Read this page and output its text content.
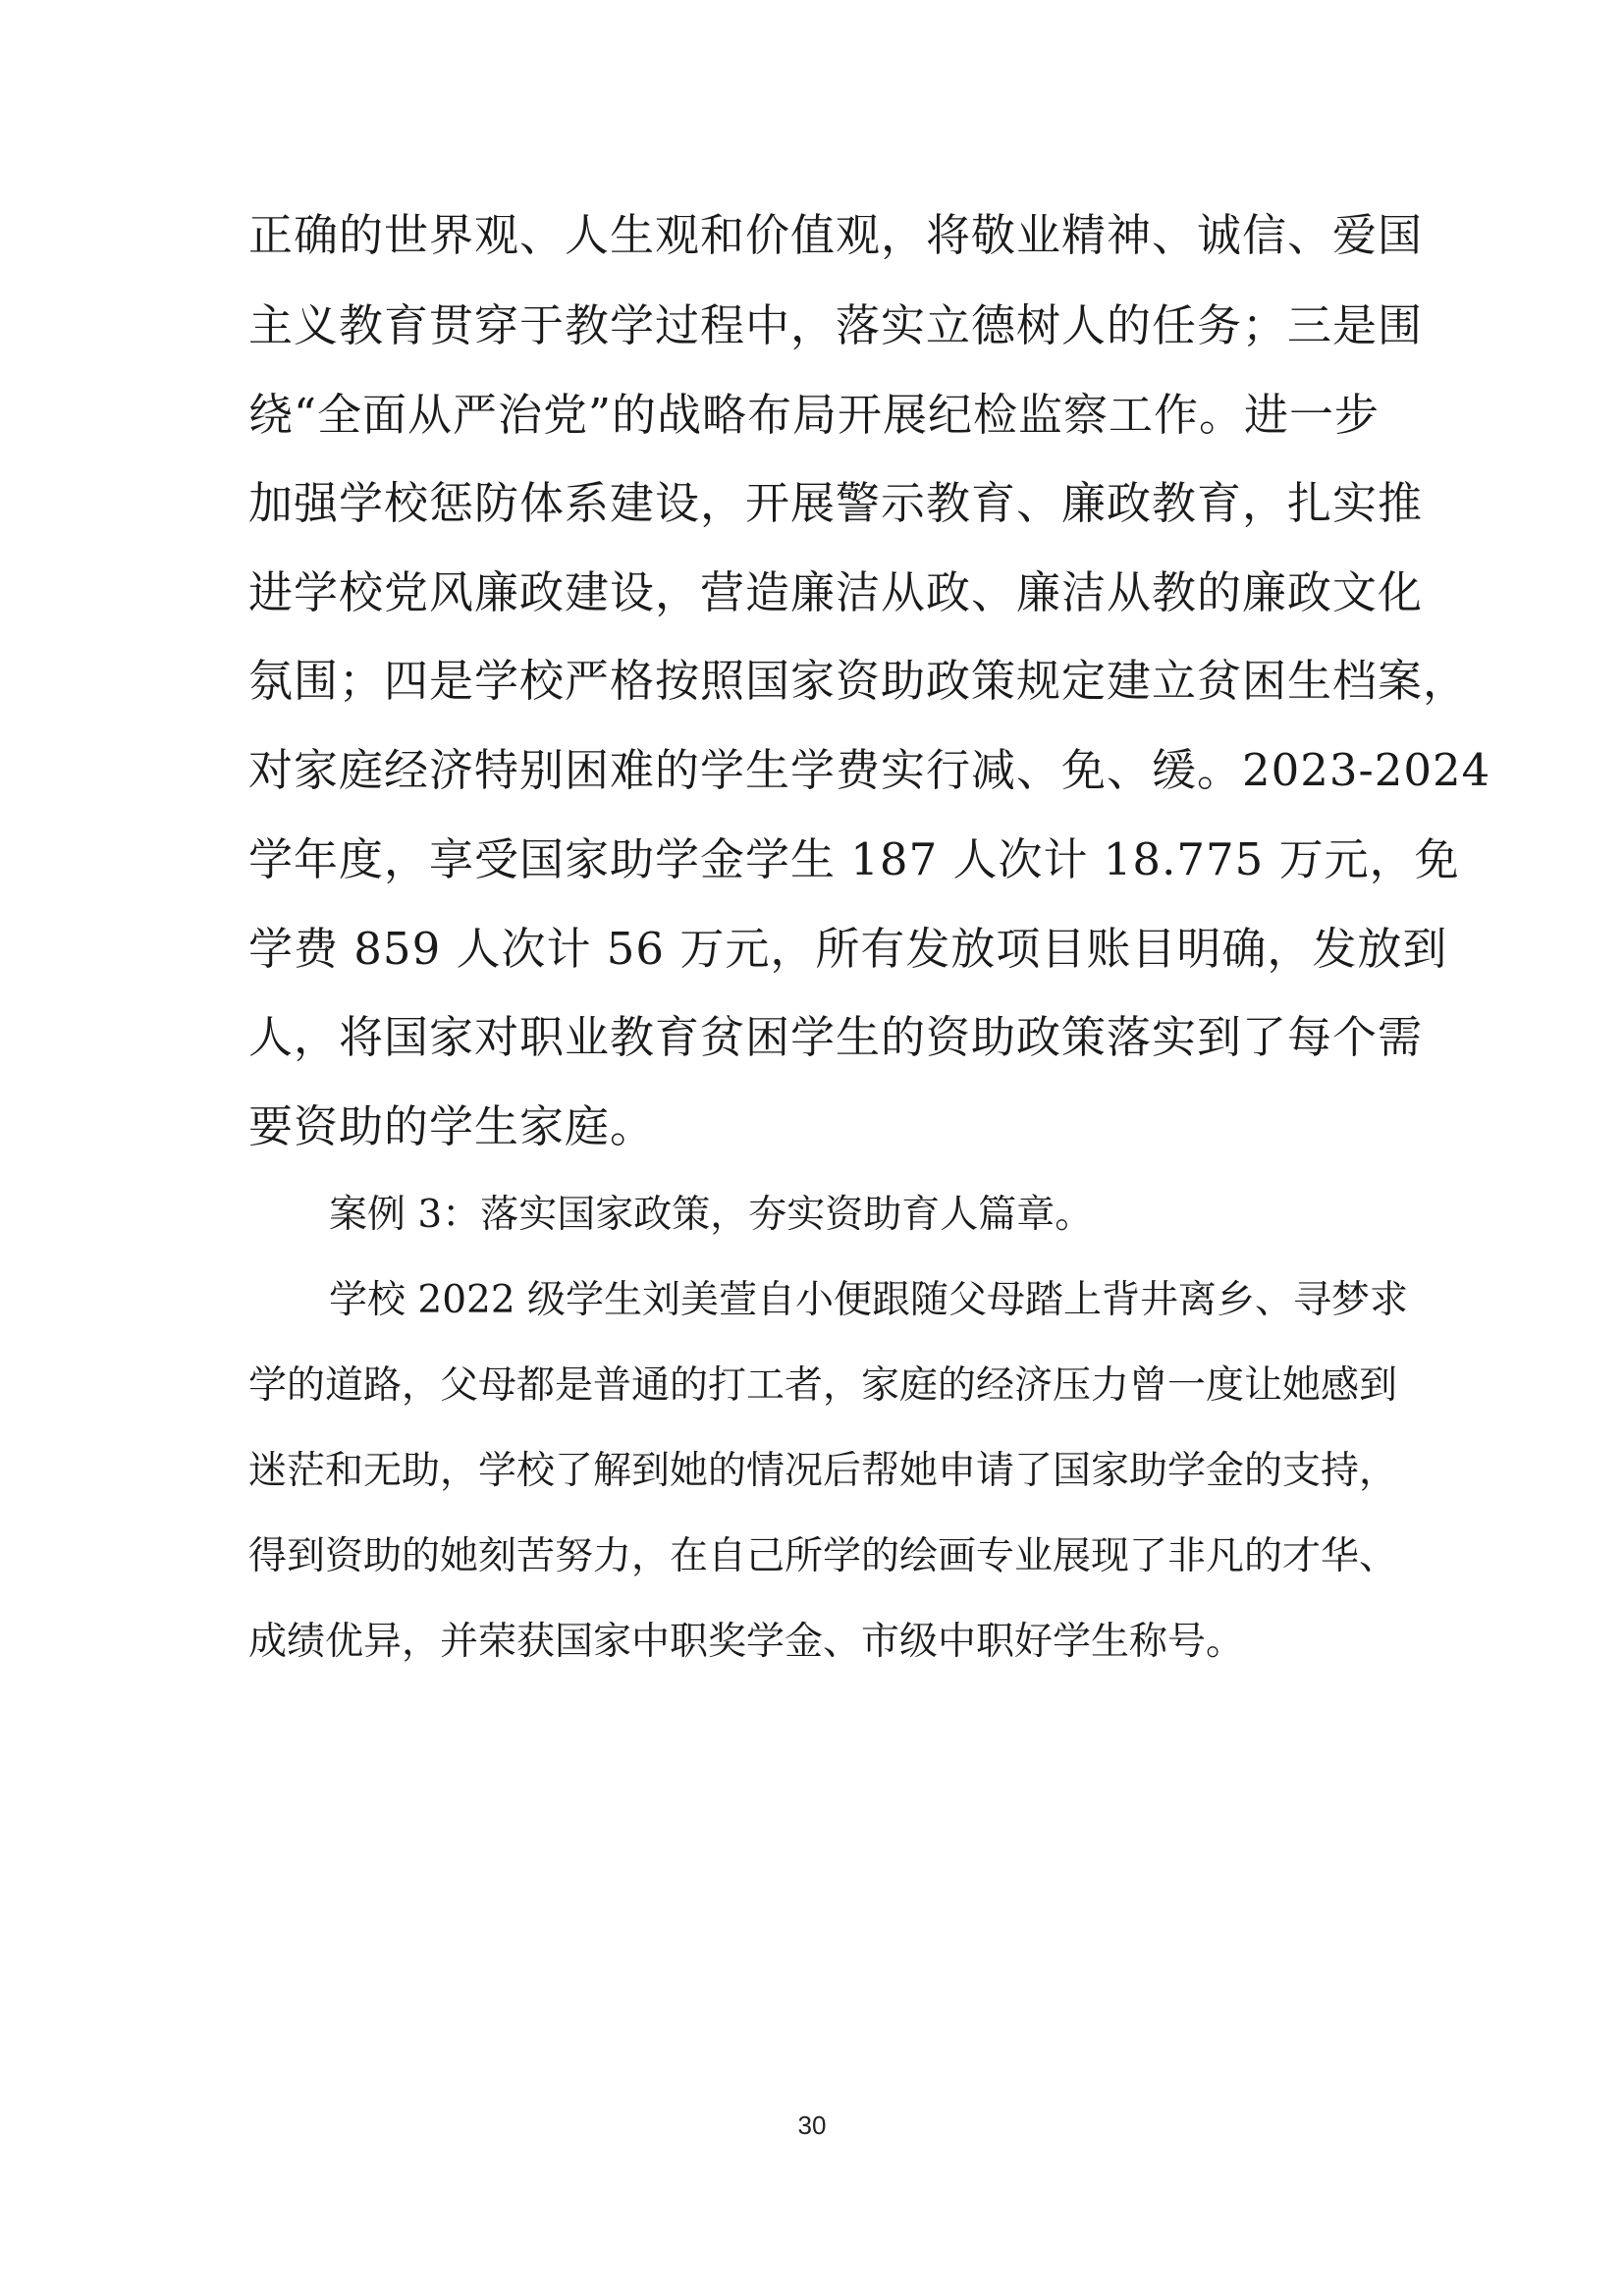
正确的世界观、人生观和价值观，将敬业精神、诚信、爱国
主义教育贯穿于教学过程中，落实立德树人的任务；三是围
绕“全面从严治党”的战略布局开展纪检监察工作。进一步
加强学校惩防体系建设，开展警示教育、廉政教育，扎实推
进学校党风廉政建设，营造廉洁从政、廉洁从教的廉政文化
氛围；四是学校严格按照国家资助政策规定建立贫困生档案，
对家庭经济特别困难的学生学费实行减、免、缓。2023-2024
学年度，享受国家助学金学生 187 人次计 18.775 万元，免
学费 859 人次计 56 万元，所有发放项目账目明确，发放到
人，将国家对职业教育贫困学生的资助政策落实到了每个需
要资助的学生家庭。
案例 3：落实国家政策，夯实资助育人篇章。
学校 2022 级学生刘美萱自小便跟随父母踏上背井离乡、寻梦求
学的道路，父母都是普通的打工者，家庭的经济压力曾一度让她感到
迷茫和无助，学校了解到她的情况后帮她申请了国家助学金的支持，
得到资助的她刻苦努力，在自己所学的绘画专业展现了非凡的才华、
成绩优异，并荣获国家中职奖学金、市级中职好学生称号。
30
